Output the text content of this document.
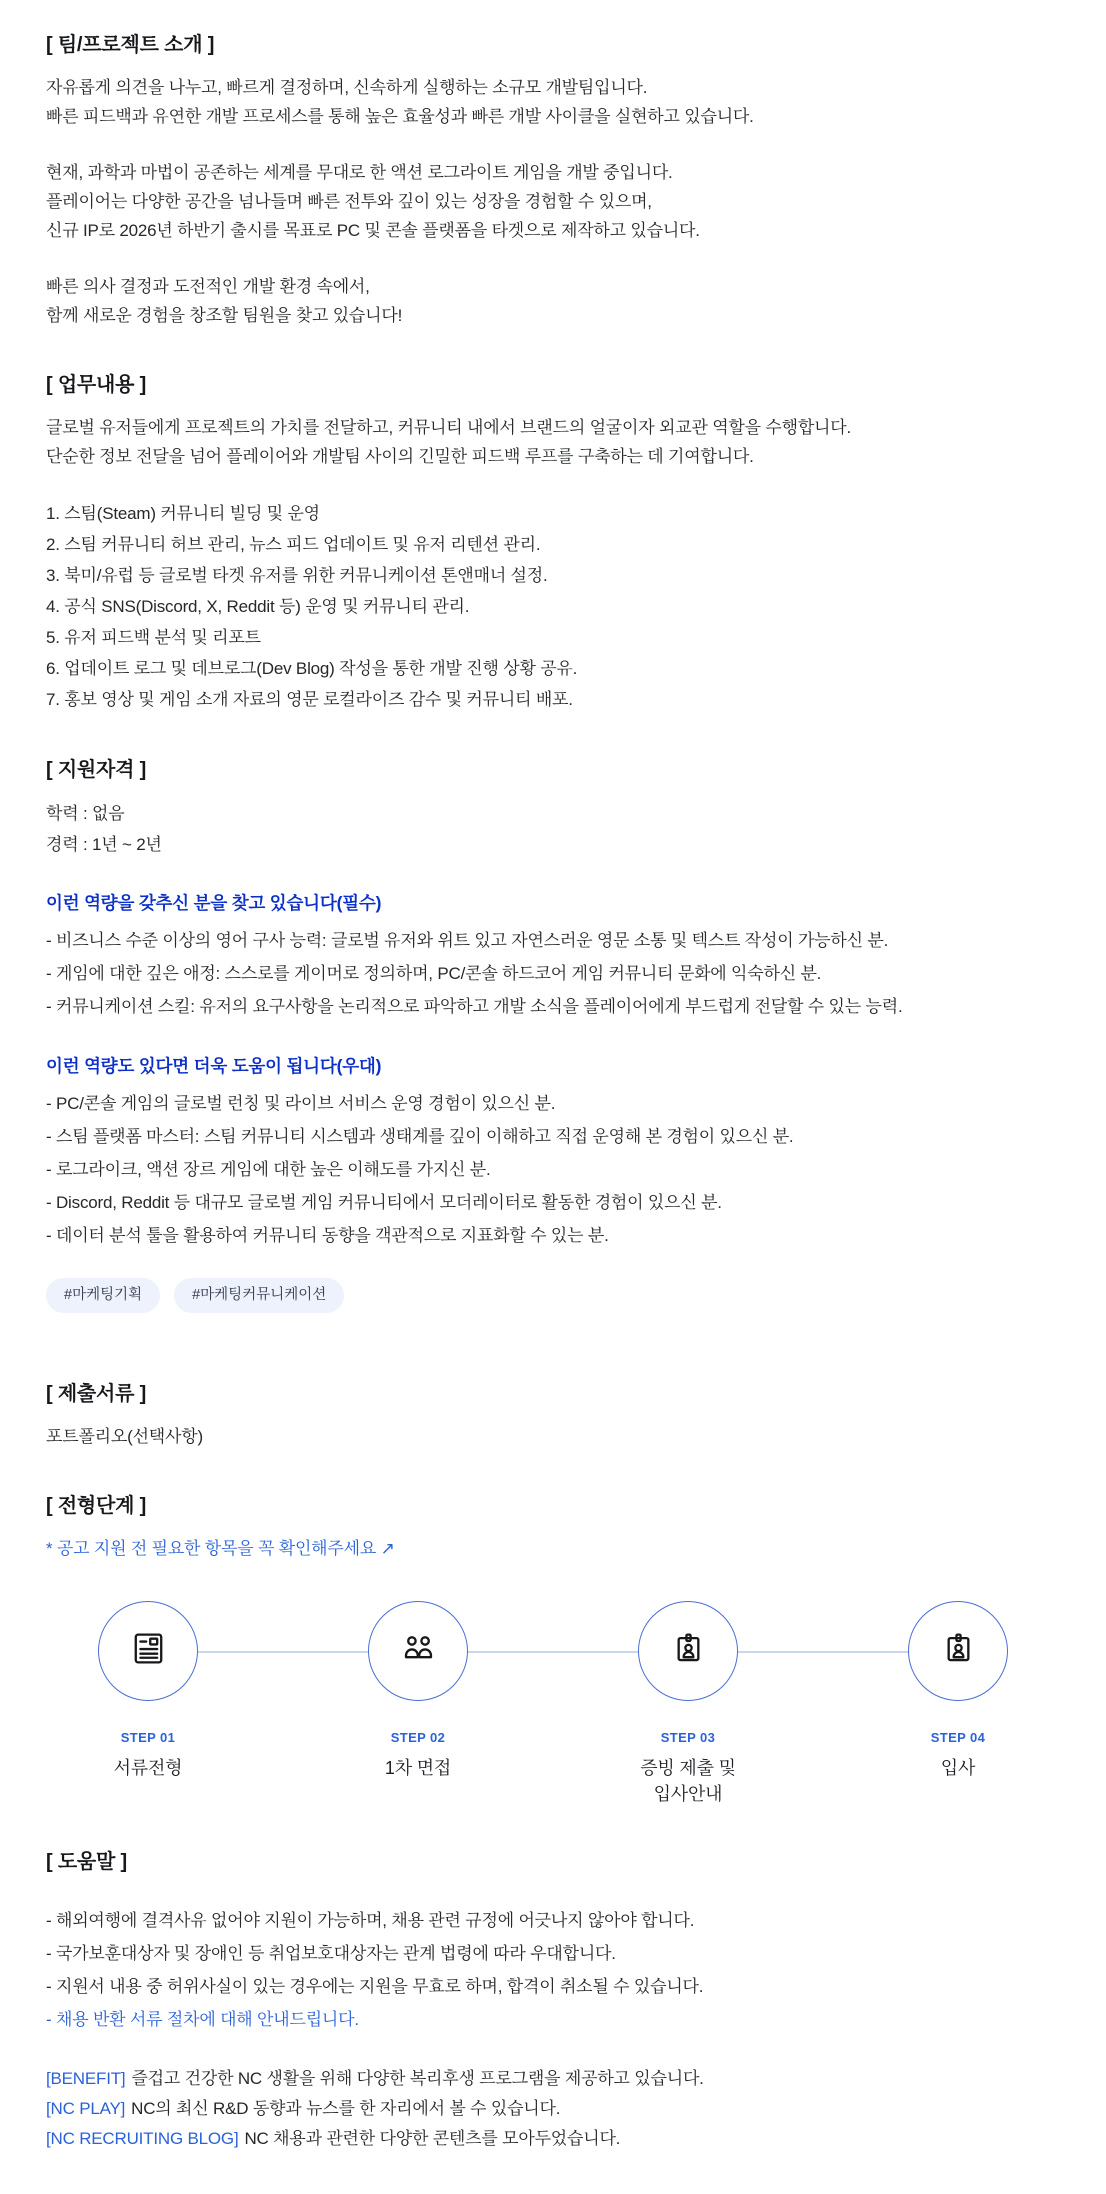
[ 팀/프로젝트 소개 ]
자유롭게 의견을 나누고, 빠르게 결정하며, 신속하게 실행하는 소규모 개발팀입니다.
빠른 피드백과 유연한 개발 프로세스를 통해 높은 효율성과 빠른 개발 사이클을 실현하고 있습니다.
현재, 과학과 마법이 공존하는 세계를 무대로 한 액션 로그라이트 게임을 개발 중입니다.
플레이어는 다양한 공간을 넘나들며 빠른 전투와 깊이 있는 성장을 경험할 수 있으며,
신규 IP로 2026년 하반기 출시를 목표로 PC 및 콘솔 플랫폼을 타겟으로 제작하고 있습니다.
빠른 의사 결정과 도전적인 개발 환경 속에서,
함께 새로운 경험을 창조할 팀원을 찾고 있습니다!
[ 업무내용 ]
글로벌 유저들에게 프로젝트의 가치를 전달하고, 커뮤니티 내에서 브랜드의 얼굴이자 외교관 역할을 수행합니다.
단순한 정보 전달을 넘어 플레이어와 개발팀 사이의 긴밀한 피드백 루프를 구축하는 데 기여합니다.
1. 스팀(Steam) 커뮤니티 빌딩 및 운영
2. 스팀 커뮤니티 허브 관리, 뉴스 피드 업데이트 및 유저 리텐션 관리.
3. 북미/유럽 등 글로벌 타겟 유저를 위한 커뮤니케이션 톤앤매너 설정.
4. 공식 SNS(Discord, X, Reddit 등) 운영 및 커뮤니티 관리.
5. 유저 피드백 분석 및 리포트
6. 업데이트 로그 및 데브로그(Dev Blog) 작성을 통한 개발 진행 상황 공유.
7. 홍보 영상 및 게임 소개 자료의 영문 로컬라이즈 감수 및 커뮤니티 배포.
[ 지원자격 ]
학력 : 없음
경력 : 1년 ~ 2년
이런 역량을 갖추신 분을 찾고 있습니다(필수)
- 비즈니스 수준 이상의 영어 구사 능력: 글로벌 유저와 위트 있고 자연스러운 영문 소통 및 텍스트 작성이 가능하신 분.
- 게임에 대한 깊은 애정: 스스로를 게이머로 정의하며, PC/콘솔 하드코어 게임 커뮤니티 문화에 익숙하신 분.
- 커뮤니케이션 스킬: 유저의 요구사항을 논리적으로 파악하고 개발 소식을 플레이어에게 부드럽게 전달할 수 있는 능력.
이런 역량도 있다면 더욱 도움이 됩니다(우대)
- PC/콘솔 게임의 글로벌 런칭 및 라이브 서비스 운영 경험이 있으신 분.
- 스팀 플랫폼 마스터: 스팀 커뮤니티 시스템과 생태계를 깊이 이해하고 직접 운영해 본 경험이 있으신 분.
- 로그라이크, 액션 장르 게임에 대한 높은 이해도를 가지신 분.
- Discord, Reddit 등 대규모 글로벌 게임 커뮤니티에서 모더레이터로 활동한 경험이 있으신 분.
- 데이터 분석 툴을 활용하여 커뮤니티 동향을 객관적으로 지표화할 수 있는 분.
#마케팅기획	#마케팅커뮤니케이션
[ 제출서류 ]
포트폴리오(선택사항)
[ 전형단계 ]
* 공고 지원 전 필요한 항목을 꼭 확인해주세요 ↗
STEP 01
서류전형
STEP 02
1차 면접
STEP 03
증빙 제출 및 입사안내
STEP 04
입사
[ 도움말 ]
- 해외여행에 결격사유 없어야 지원이 가능하며, 채용 관련 규정에 어긋나지 않아야 합니다.
- 국가보훈대상자 및 장애인 등 취업보호대상자는 관계 법령에 따라 우대합니다.
- 지원서 내용 중 허위사실이 있는 경우에는 지원을 무효로 하며, 합격이 취소될 수 있습니다.
- 채용 반환 서류 절차에 대해 안내드립니다.
[BENEFIT] 즐겁고 건강한 NC 생활을 위해 다양한 복리후생 프로그램을 제공하고 있습니다.
[NC PLAY] NC의 최신 R&D 동향과 뉴스를 한 자리에서 볼 수 있습니다.
[NC RECRUITING BLOG] NC 채용과 관련한 다양한 콘텐츠를 모아두었습니다.
